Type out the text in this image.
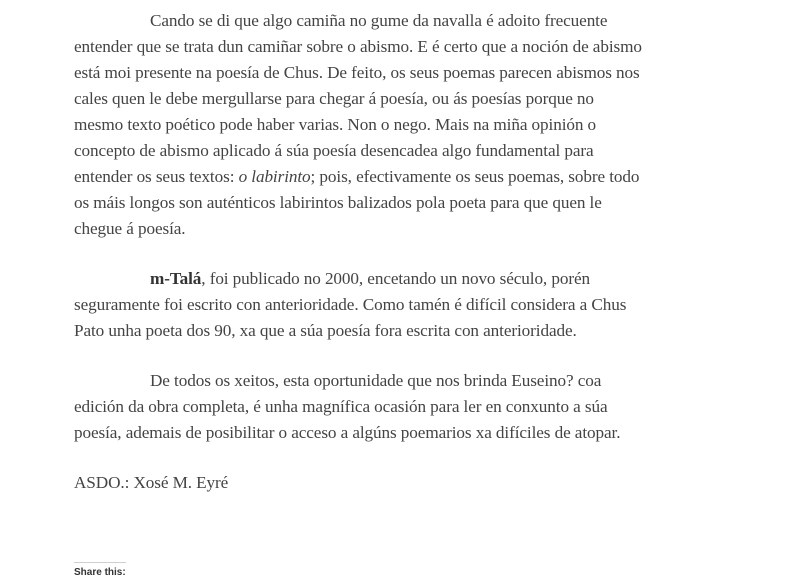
Cando se di que algo camiña no gume da navalla é adoito frecuente entender que se trata dun camiñar sobre o abismo. E é certo que a noción de abismo está moi presente na poesía de Chus. De feito, os seus poemas parecen abismos nos cales quen le debe mergullarse para chegar á poesía, ou ás poesías porque no mesmo texto poético pode haber varias. Non o nego. Mais na miña opinión o concepto de abismo aplicado á súa poesía desencadea algo fundamental para entender os seus textos: o labirinto; pois, efectivamente os seus poemas, sobre todo os máis longos son auténticos labirintos balizados pola poeta para que quen le chegue á poesía.

m-Talá, foi publicado no 2000, encetando un novo século, porén seguramente foi escrito con anterioridade. Como tamén é difícil considera a Chus Pato unha poeta dos 90, xa que a súa poesía fora escrita con anterioridade.

De todos os xeitos, esta oportunidade que nos brinda Euseino? coa edición da obra completa, é unha magnífica ocasión para ler en conxunto a súa poesía, ademais de posibilitar o acceso a algúns poemarios xa difíciles de atopar.

ASDO.: Xosé M. Eyré

Share this:
